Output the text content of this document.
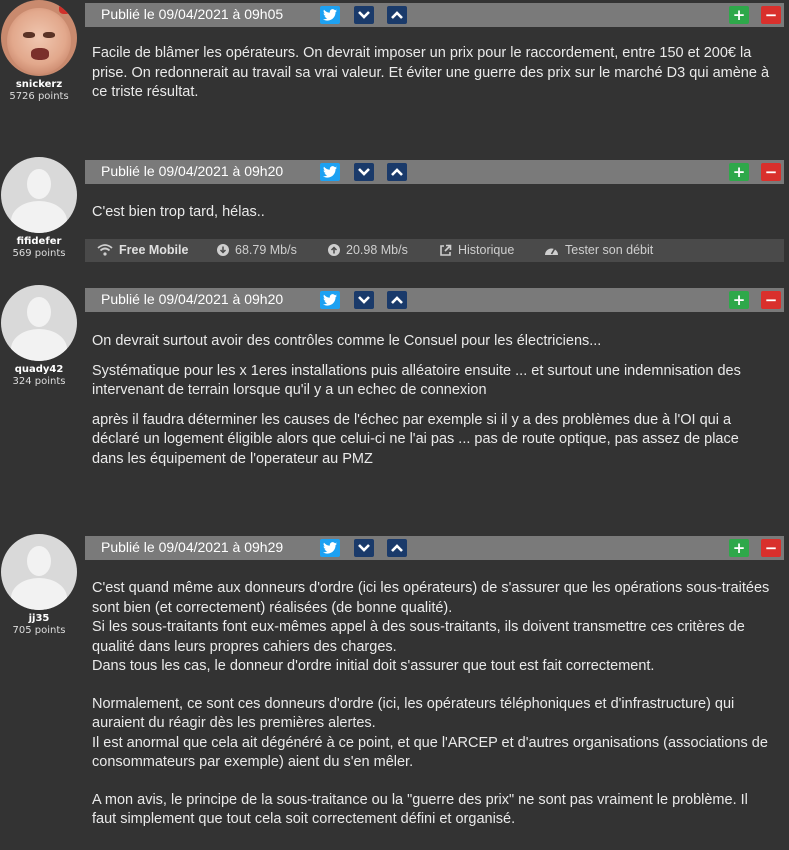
snickerz
5726 points
Publié le 09/04/2021 à 09h05	+ −

Facile de blâmer les opérateurs. On devrait imposer un prix pour le raccordement, entre 150 et 200€ la prise. On redonnerait au travail sa vrai valeur. Et éviter une guerre des prix sur le marché D3 qui amène à ce triste résultat.

fifidefer
569 points
Publié le 09/04/2021 à 09h20	+ −

C'est bien trop tard, hélas..

Free Mobile	68.79 Mb/s	20.98 Mb/s	Historique	Tester son débit
quady42
324 points
Publié le 09/04/2021 à 09h20	+ −

On devrait surtout avoir des contrôles comme le Consuel pour les électriciens...

Systématique pour les x 1eres installations puis alléatoire ensuite ... et surtout une indemnisation des intervenant de terrain lorsque qu'il y a un echec de connexion

après il faudra déterminer les causes de l'échec par exemple si il y a des problèmes due à l'OI qui a déclaré un logement éligible alors que celui-ci ne l'ai pas ... pas de route optique, pas assez de place dans les équipement de l'operateur au PMZ

jj35
705 points
Publié le 09/04/2021 à 09h29	+ −

C'est quand même aux donneurs d'ordre (ici les opérateurs) de s'assurer que les opérations sous-traitées sont bien (et correctement) réalisées (de bonne qualité).

Si les sous-traitants font eux-mêmes appel à des sous-traitants, ils doivent transmettre ces critères de qualité dans leurs propres cahiers des charges.

Dans tous les cas, le donneur d'ordre initial doit s'assurer que tout est fait correctement.

Normalement, ce sont ces donneurs d'ordre (ici, les opérateurs téléphoniques et d'infrastructure) qui auraient du réagir dès les premières alertes.

Il est anormal que cela ait dégénéré à ce point, et que l'ARCEP et d'autres organisations (associations de consommateurs par exemple) aient du s'en mêler.

A mon avis, le principe de la sous-traitance ou la "guerre des prix" ne sont pas vraiment le problème. Il faut simplement que tout cela soit correctement défini et organisé.
